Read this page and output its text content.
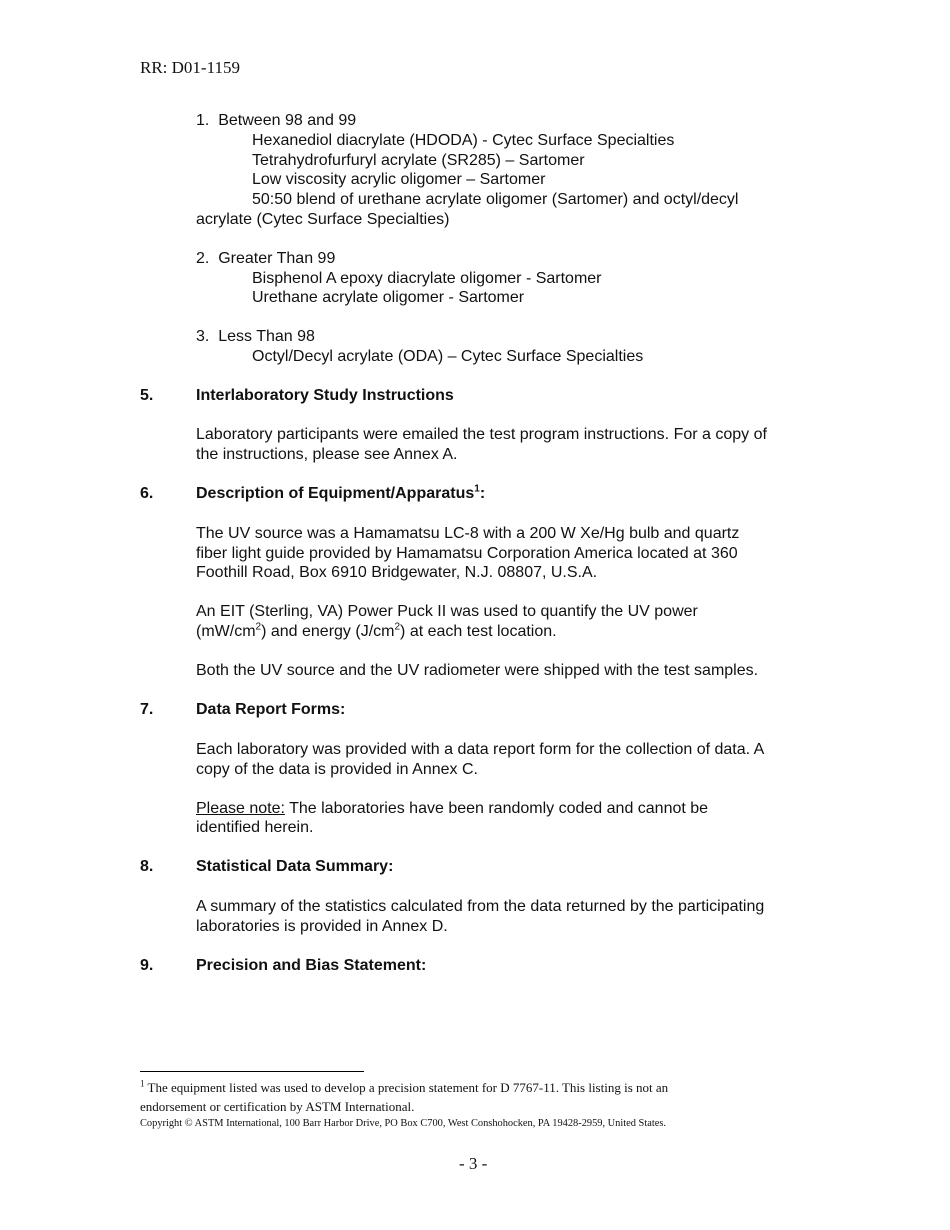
RR: D01-1159
1. Between 98 and 99
Hexanediol diacrylate (HDODA) - Cytec Surface Specialties
Tetrahydrofurfuryl acrylate (SR285) – Sartomer
Low viscosity acrylic oligomer – Sartomer
50:50 blend of urethane acrylate oligomer (Sartomer) and octyl/decyl
acrylate (Cytec Surface Specialties)
2. Greater Than 99
Bisphenol A epoxy diacrylate oligomer - Sartomer
Urethane acrylate oligomer - Sartomer
3. Less Than 98
Octyl/Decyl acrylate (ODA) – Cytec Surface Specialties
5.	Interlaboratory Study Instructions
Laboratory participants were emailed the test program instructions. For a copy of
the instructions, please see Annex A.
6.	Description of Equipment/Apparatus$^1$:
The UV source was a Hamamatsu LC-8 with a 200 W Xe/Hg bulb and quartz
fiber light guide provided by Hamamatsu Corporation America located at 360
Foothill Road, Box 6910 Bridgewater, N.J. 08807, U.S.A.
An EIT (Sterling, VA) Power Puck II was used to quantify the UV power
$(mW/cm^2)$ and energy $(J/cm^2)$ at each test location.
Both the UV source and the UV radiometer were shipped with the test samples.
7.	Data Report Forms:
Each laboratory was provided with a data report form for the collection of data. A
copy of the data is provided in Annex C.
Please note: The laboratories have been randomly coded and cannot be
identified herein.
8.	Statistical Data Summary:
A summary of the statistics calculated from the data returned by the participating
laboratories is provided in Annex D.
9.	Precision and Bias Statement:
$^1$ The equipment listed was used to develop a precision statement for D 7767-11. This listing is not an
endorsement or certification by ASTM International.
Copyright © ASTM International, 100 Barr Harbor Drive, PO Box C700, West Conshohocken, PA 19428-2959, United States.
- 3 -
